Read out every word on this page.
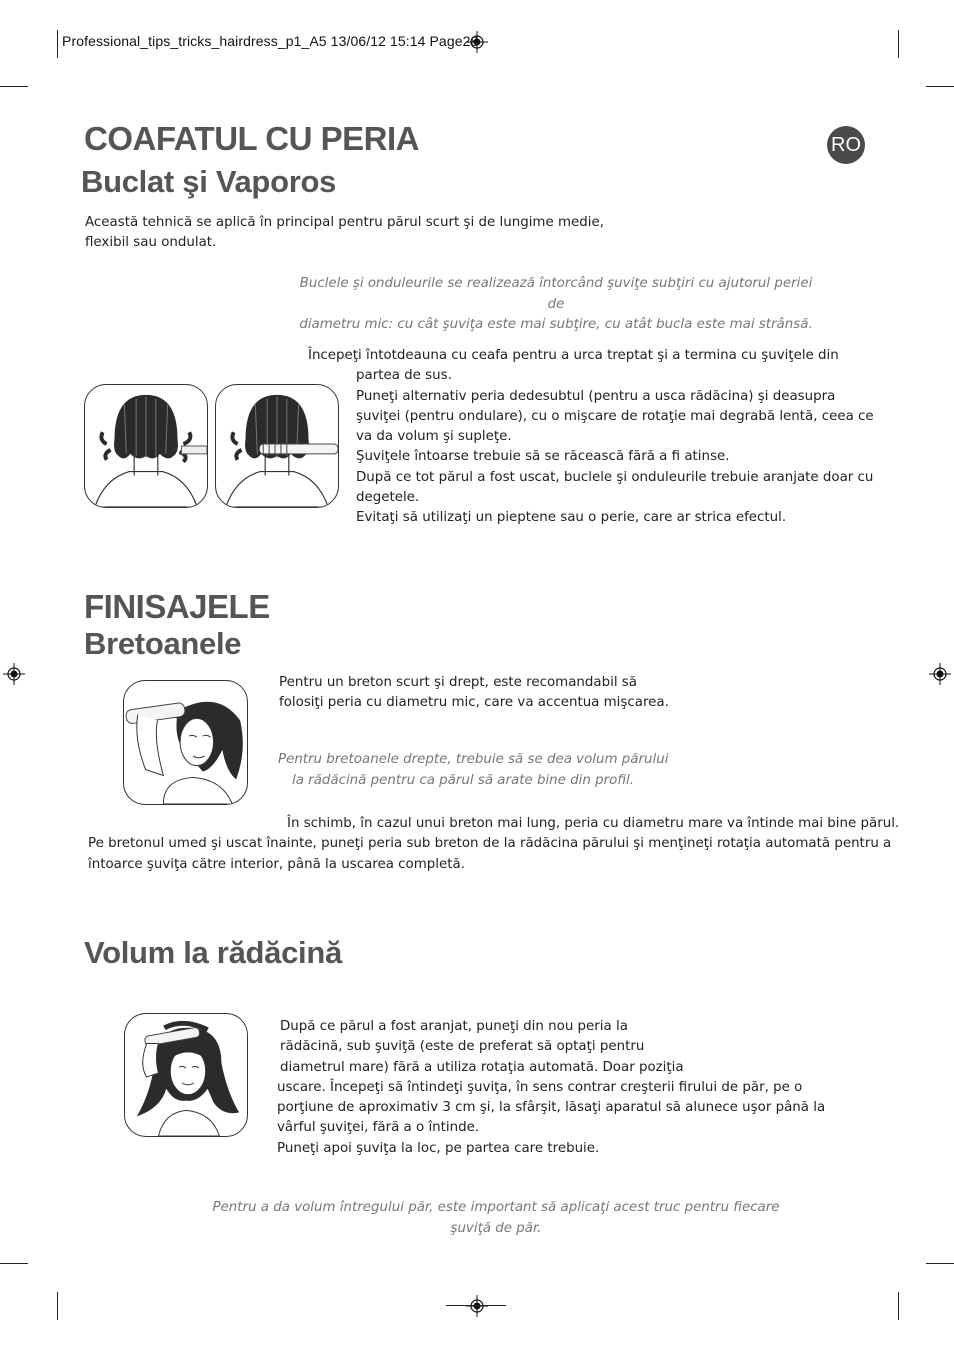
Professional_tips_tricks_hairdress_p1_A5 13/06/12 15:14 Page28
RO
COAFATUL CU PERIA
Buclat şi Vaporos

Această tehnică se aplică în principal pentru părul scurt şi de lungime medie,

flexibil sau ondulat.

Buclele şi onduleurile se realizează întorcând şuviţe subţiri cu ajutorul periei de

diametru mic: cu cât şuviţa este mai subţire, cu atât bucla este mai strânsă.

Începeţi întotdeauna cu ceafa pentru a urca treptat şi a termina cu şuviţele din

partea de sus.

Puneţi alternativ peria dedesubtul (pentru a usca rădăcina) şi deasupra

şuviţei (pentru ondulare), cu o mişcare de rotaţie mai degrabă lentă, ceea ce

va da volum şi supleţe.

Şuviţele întoarse trebuie să se răcească fără a fi atinse.

După ce tot părul a fost uscat, buclele şi onduleurile trebuie aranjate doar cu

degetele.

Evitaţi să utilizaţi un pieptene sau o perie, care ar strica efectul.

FINISAJELE
Bretoanele

Pentru un breton scurt şi drept, este recomandabil să

folosiţi peria cu diametru mic, care va accentua mişcarea.

Pentru bretoanele drepte, trebuie să se dea volum părului

la rădăcină pentru ca părul să arate bine din profil.

În schimb, în cazul unui breton mai lung, peria cu diametru mare va întinde mai bine părul.

Pe bretonul umed şi uscat înainte, puneţi peria sub breton de la rădăcina părului şi menţineţi rotaţia automată pentru a

întoarce şuviţa către interior, până la uscarea completă.

Volum la rădăcină

După ce părul a fost aranjat, puneţi din nou peria la

rădăcină, sub şuviţă (este de preferat să optaţi pentru

diametrul mare) fără a utiliza rotaţia automată. Doar poziţia

uscare. Începeţi să întindeţi şuviţa, în sens contrar creşterii firului de păr, pe o

porţiune de aproximativ 3 cm şi, la sfârşit, lăsaţi aparatul să alunece uşor până la

vârful şuviţei, fără a o întinde.

Puneţi apoi şuviţa la loc, pe partea care trebuie.

Pentru a da volum întregului păr, este important să aplicaţi acest truc pentru fiecare

şuviţă de păr.
